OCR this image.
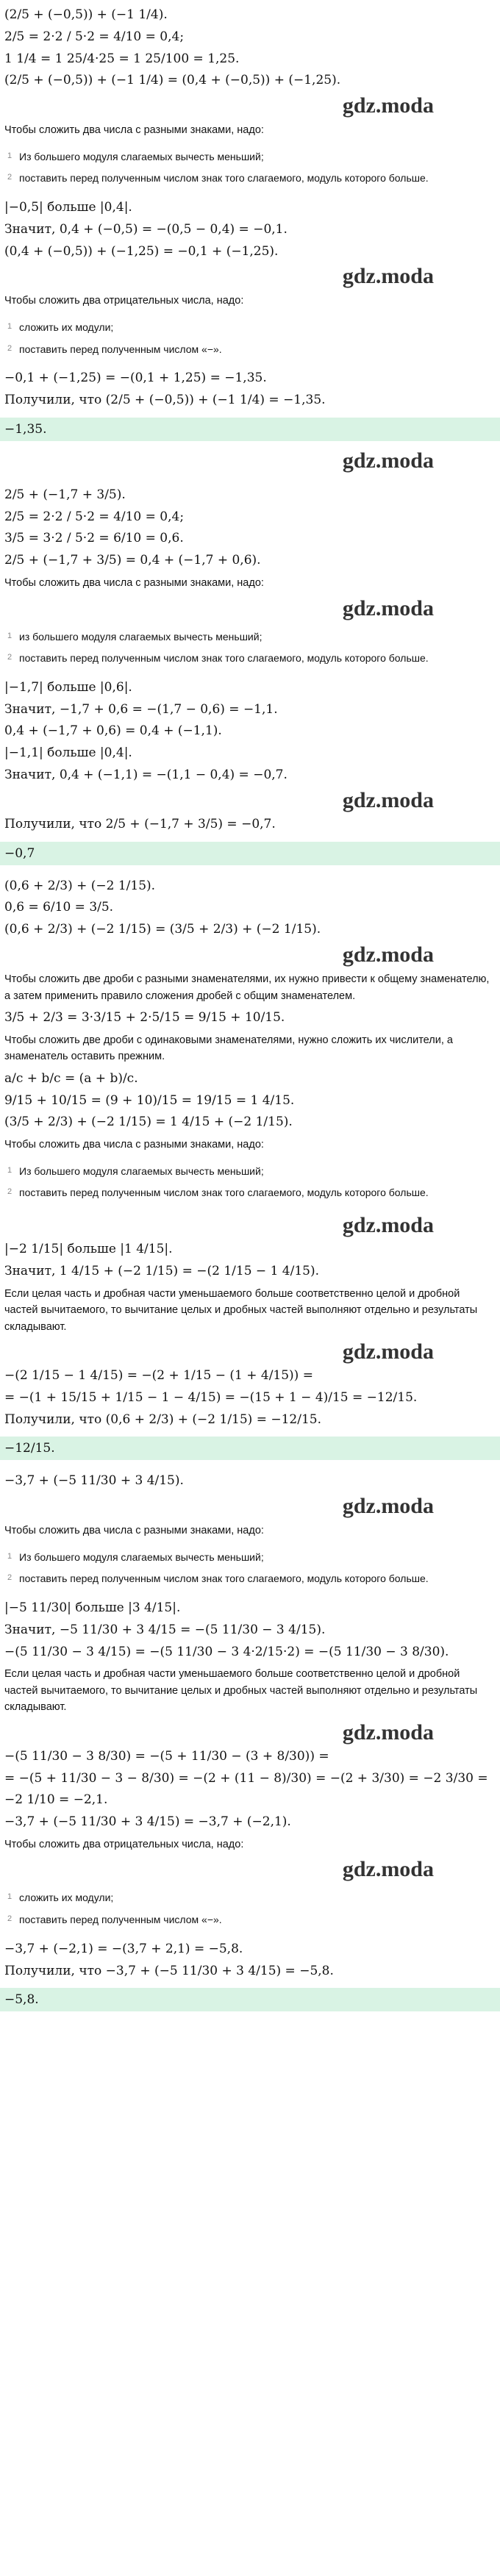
(2/5 + (−0,5)) + (−1 1/4).
2/5 = 2·2 / 5·2 = 4/10 = 0,4;
1 1/4 = 1 25/4·25 = 1 25/100 = 1,25.
(2/5 + (−0,5)) + (−1 1/4) = (0,4 + (−0,5)) + (−1,25).
gdz.moda
Чтобы сложить два числа с разными знаками, надо:
1 Из большего модуля слагаемых вычесть меньший;
2 поставить перед полученным числом знак того слагаемого, модуль которого больше.
|−0,5| больше |0,4|.
Значит, 0,4 + (−0,5) = −(0,5 − 0,4) = −0,1.
(0,4 + (−0,5)) + (−1,25) = −0,1 + (−1,25).
gdz.moda
Чтобы сложить два отрицательных числа, надо:
1 сложить их модули;
2 поставить перед полученным числом «−».
−0,1 + (−1,25) = −(0,1 + 1,25) = −1,35.
Получили, что (2/5 + (−0,5)) + (−1 1/4) = −1,35.
−1,35.
gdz.moda
2/5 + (−1,7 + 3/5).
2/5 = 2·2 / 5·2 = 4/10 = 0,4;
3/5 = 3·2 / 5·2 = 6/10 = 0,6.
2/5 + (−1,7 + 3/5) = 0,4 + (−1,7 + 0,6).
Чтобы сложить два числа с разными знаками, надо:
gdz.moda
1 из большего модуля слагаемых вычесть меньший;
2 поставить перед полученным числом знак того слагаемого, модуль которого больше.
|−1,7| больше |0,6|.
Значит, −1,7 + 0,6 = −(1,7 − 0,6) = −1,1.
0,4 + (−1,7 + 0,6) = 0,4 + (−1,1).
|−1,1| больше |0,4|.
Значит, 0,4 + (−1,1) = −(1,1 − 0,4) = −0,7.
gdz.moda
Получили, что 2/5 + (−1,7 + 3/5) = −0,7.
−0,7
(0,6 + 2/3) + (−2 1/15).
0,6 = 6/10 = 3/5.
(0,6 + 2/3) + (−2 1/15) = (3/5 + 2/3) + (−2 1/15).
gdz.moda
Чтобы сложить две дроби с разными знаменателями, их нужно привести к общему знаменателю, а затем применить правило сложения дробей с общим знаменателем.
3/5 + 2/3 = 3·3/15 + 2·5/15 = 9/15 + 10/15.
Чтобы сложить две дроби с одинаковыми знаменателями, нужно сложить их числители, а знаменатель оставить прежним.
a/c + b/c = (a + b)/c.
9/15 + 10/15 = (9 + 10)/15 = 19/15 = 1 4/15.
(3/5 + 2/3) + (−2 1/15) = 1 4/15 + (−2 1/15).
Чтобы сложить два числа с разными знаками, надо:
1 Из большего модуля слагаемых вычесть меньший;
2 поставить перед полученным числом знак того слагаемого, модуль которого больше.
gdz.moda
|−2 1/15| больше |1 4/15|.
Значит, 1 4/15 + (−2 1/15) = −(2 1/15 − 1 4/15).
Если целая часть и дробная части уменьшаемого больше соответственно целой и дробной частей вычитаемого, то вычитание целых и дробных частей выполняют отдельно и результаты складывают.
gdz.moda
−(2 1/15 − 1 4/15) = −(2 + 1/15 − (1 + 4/15)) =
= −(1 + 15/15 + 1/15 − 1 − 4/15) = −(15 + 1 − 4)/15 = −12/15.
Получили, что (0,6 + 2/3) + (−2 1/15) = −12/15.
−12/15.
−3,7 + (−5 11/30 + 3 4/15).
gdz.moda
Чтобы сложить два числа с разными знаками, надо:
1 Из большего модуля слагаемых вычесть меньший;
2 поставить перед полученным числом знак того слагаемого, модуль которого больше.
|−5 11/30| больше |3 4/15|.
Значит, −5 11/30 + 3 4/15 = −(5 11/30 − 3 4/15).
−(5 11/30 − 3 4/15) = −(5 11/30 − 3 4·2/15·2) = −(5 11/30 − 3 8/30).
Если целая часть и дробная части уменьшаемого больше соответственно целой и дробной частей вычитаемого, то вычитание целых и дробных частей выполняют отдельно и результаты складывают.
gdz.moda
−(5 11/30 − 3 8/30) = −(5 + 11/30 − (3 + 8/30)) =
= −(5 + 11/30 − 3 − 8/30) = −(2 + (11 − 8)/30) = −(2 + 3/30) = −2 3/30 =
−2 1/10 = −2,1.
−3,7 + (−5 11/30 + 3 4/15) = −3,7 + (−2,1).
Чтобы сложить два отрицательных числа, надо:
gdz.moda
1 сложить их модули;
2 поставить перед полученным числом «−».
−3,7 + (−2,1) = −(3,7 + 2,1) = −5,8.
Получили, что −3,7 + (−5 11/30 + 3 4/15) = −5,8.
−5,8.
